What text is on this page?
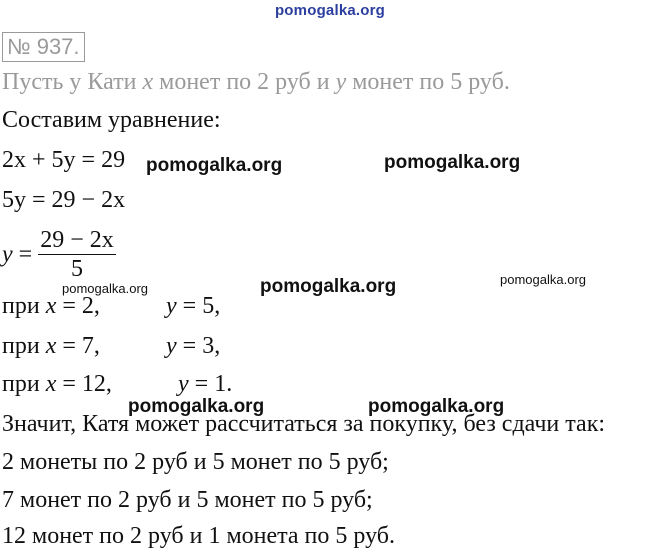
pomogalka.org
№ 937.
Пусть у Кати x монет по 2 руб и y монет по 5 руб.
Составим уравнение:
2x + 5y = 29
5y = 29 − 2x
$y = \frac{29 - 2x}{5}$
при x = 2,	y = 5,
при x = 7,	y = 3,
при x = 12,	y = 1.
Значит, Катя может рассчитаться за покупку, без сдачи так:
2 монеты по 2 руб и 5 монет по 5 руб;
7 монет по 2 руб и 5 монет по 5 руб;
12 монет по 2 руб и 1 монета по 5 руб.
pomogalka.org	pomogalka.org
pomogalka.org	pomogalka.org	pomogalka.org
pomogalka.org	pomogalka.org
